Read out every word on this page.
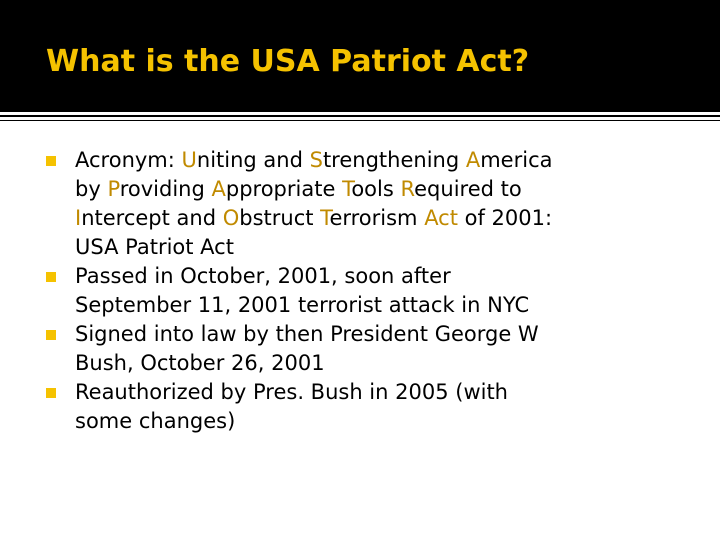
What is the USA Patriot Act?
Acronym: Uniting and Strengthening America
by Providing Appropriate Tools Required to
Intercept and Obstruct Terrorism Act of 2001:
USA Patriot Act
Passed in October, 2001, soon after
September 11, 2001 terrorist attack in NYC
Signed into law by then President George W
Bush, October 26, 2001
Reauthorized by Pres. Bush in 2005 (with
some changes)
